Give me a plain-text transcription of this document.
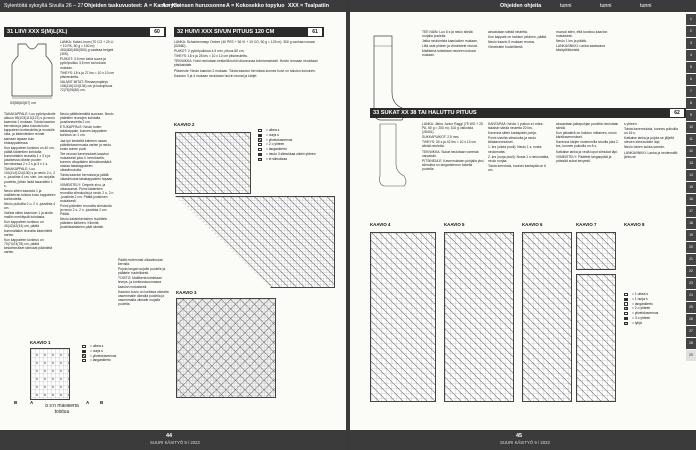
Sylentöitä syksyllä Sivulla 26 – 27 Ohjeiden taskuvuoteet: A = Kantoryöo
A = Kleinsen huruxsonne A = Kokosekko topyluo XXX = Tsalpatiin
31 LIIVI XXX S(M)L(XL)	60
53(58)62(67) cm

LANKA: Katia Linum (70 CO + 20 LI + 10 PA, 50 g = 100 m): 400(400)450(500) g vaaleaa beigeä (305).

PUIKOT: 3,5 mm sekä suora ja pyöröpuikko 3,5 mm tai kokoon mukaan.

TIHEYS: 18 s ja 27 krs = 10 x 10 cm pitsineuletta.

VALMIIT MITAT: Rinnanympärys 106(116)124(134) cm ja kokopituus 72(76)76(80) cm.

TAKAKAPPALE: Luo pyöröpuikolle alkuun 95(103)113(121) s ja neulo kaaviota 1 mukaan. Toista kaavion kerroksia ja jatka kuviota koko kappaleen korkeudelta ja muotoile olka- ja kädenteiden reunat samaan tapaan kuin etukappaleessa.

Kun kappaleen korkeus on 40 cm, päätä kädentien kohdalta kummaltakin reunalta 1 x 3 s ja jokaisessa oikean puolen kerroksessa 2 x 2 s ja 3 x 1 s.

TAKAKAPPALE: Luo 104(114)124(130) s ja neulo 2 o, 2 n -joustinta 4 cm, viim. krs nurjalta puolelta, jolloin lisää tasavälein 1 s.

Neulo sitten kaaviota 1 ja mallikerran toistoa koko kappaleen korkeudelta.

Neulo puikoilla 2 o, 2 n -joustinta 4 cm.

Vaihda sitten kaavioon 1 ja aloita malliin merkitystä kohdasta.

Kun kappaleen korkeus on 40(42)42(44) cm, päätä kummaltakin reunalta kädentietä varten.

Kun kappaleen korkeus on 70(74)74(78) cm, päätä keskimmäiset silmukat pääntietä varten.

Neulo päättelemättä suoraan. Neulo pääntien reunojen kohdalla joustinneuletta 2 cm.

ETUKAPPALE: Neulo kuten takakappale, kunnes kappaleen korkeus on 1 cm.

Jaa työ keskeltä kahteen osaan pääntiekavennusta varten ja neulo ensin toinen puoli.

Tee reunan kavennukset kaavion mukaisesti joka 4. kerroksella, kunnes olkapäiden silmukkamäärä vastaa takakappaleen olkasilmukoita.

Toista kaavion kerroksia ja päätä olkasilmukat takakappaleen tapaan.

VIIMEISTELY: Ompele sivu- ja olkasaumat. Poimi kädentien reunoilta silmukoita ja neulo 2 o, 2 n -joustinta 2 cm. Päätä joustimen mukaisesti.

Poimi pääntien reunoilta silmukoita ja neulo 2 o, 2 n -joustinta 2 cm. Päätä.

Neulo kaksinkertainen huolittelu pääntien kärkeen. Kiinnitä joustinkaistaleen päät siististi.

Päätä molemmat olkasilmukat kerralla.

Pujota langat nurjalle puolelle ja päättele huolellisesti.

TOISTO: Mallikerta toistetaan leveys- ja korkeussuunnassa kaavion mukaisesti.

Kaavion kuvio on luettava oikealta vasemmalle oikealla puolella ja vasemmalta oikealle nurjalla puolella.

KAAVIO 1
B	A
8 s:n mallikerta
toistuu
A B
= oikea s
= nurja s
= ylivetokavennus
= langankierto
32 HUIVI XXX SIVUN PITUUS 120 CM	61

LANKA: Schachenmayr Ombre (40 PES + 36 VI + 19 CO, 50 g = 125 m): 300 g vanhaa roosaa (00080).

PUIKOT: 2 pyöröpuikkoa 4,5 mm, pituus 80 cm.

TIHEYS: 18 s ja 28 krs = 10 x 10 cm pitsineuletta.

TEKNIIKKA: Huivi neulotaan keskeltä kohti ulkoreunaa kolmiomaisesti. Huivin reunaan neulotaan pitsikaistale.

Pitsineule: Neulo kaavion 2 mukaan. Toista kaavion kerroksia kunnes huivi on halutun kokoinen.

Kaavion 3 ja 4 mukaan neulotaan huivin reunat ja kärjet.

KAAVIO 2
= oikea s
= nurja s
= ylivetokavennus
= 2 o yhteen
= langankierto
= neulo 3 silmukkaa oikein yhteen
= ei silmukkaa
KAAVIO 3
44
SUURI KÄSITYÖ 9 / 2022
Ohjeiden ohjeita	tunni	tunni	tunni

TEE NÄIN: Luo 8 s ja neulo sileää nurjalla puolella.

Jatka neulomista kaavioiden mukaan.

Liitä osat yhteen ja viimeistele reunat.

Mallikerta toistetaan neuleen kokoon mukaan.

ainoastaan sileää neuletta.

Kun kappale on halutun pituinen, päätä.

Neulo kaavio 5 mukaan reunus.

Viimeistele huolellisesti.

muovai siten, että koostuu kaavion mukaisesti.

Neulo 1 krs ja päätä.

LANKAVINKKI: Lanka saatavana käsityöliikkeistä.

33 SUKAT XX 38 TAI HALUTTU PITUUS	62

LANKA: Järbo Junior Raggi (75 WO + 25 PA, 50 g = 200 m): 100 g valkoista (28401).

SUKKAPUIKOT: 2,5 mm.

TIHEYS: 30 s ja 42 krs = 10 x 10 cm sileää neuletta.

TEKNIIKKA: Sukat neulotaan varresta varpaisiin.

PITSINEULE: Kavennuksien pohjalla yksi silmukka on langankierron toisella puolella.

KANTAPÄÄ: Neulo 1 puikon s:t edes-takaisin sileää neuletta 20 krs.

Kavenna sitten kantapään pohja.

Poimi sivuilta silmukoita ja neulo kiilakavennukset.

1. krs (oikea puoli): Neulo 1 s, nosta neulomatta.

2. krs (nurja puoli): Nosta 1 s neulomatta, neulo nurjaa.

Toista kerroksia, kunnes kantapää on 6 cm.

ainoastaan jalkapohjan puolella neulotaan sileää.

Kun jalkaterä on halutun mittainen, neulo kärkikavennukset.

Kavenna kärjen molemmilla sivuilla joka 2. krs, kunnes puikoilla on 8 s.

Katkaise lanka ja vedä loput silmukat läpi.

VIIMEISTELY: Päättele langanpäät ja prässää sukat kevyesti.

s yhteen.

Toista kavennuksia, kunnes puikoilla on 16 s.

Katkaise lanka ja pujota se jäljellä olevien silmukoiden läpi.

Neulo toinen sukka samoin.

LANKAVINKKI: Lanka ja neulemallit: järbo.se

KAAVIO 4	KAAVIO 5	KAAVIO 6	KAAVIO 7	KAAVIO 8
= 1 oikea s
= 1 nurja s
= langankierto
= 2 o yhteen
= ylivetokavennus
= 3 o yhteen
= tyhjä
1
2
3
4
5
6
7
8
9
10
11
12
13
14
15
16
17
18
19
20
21
22
23
24
25
26
27
28
29
45
SUURI KÄSITYÖ 9 / 2022
